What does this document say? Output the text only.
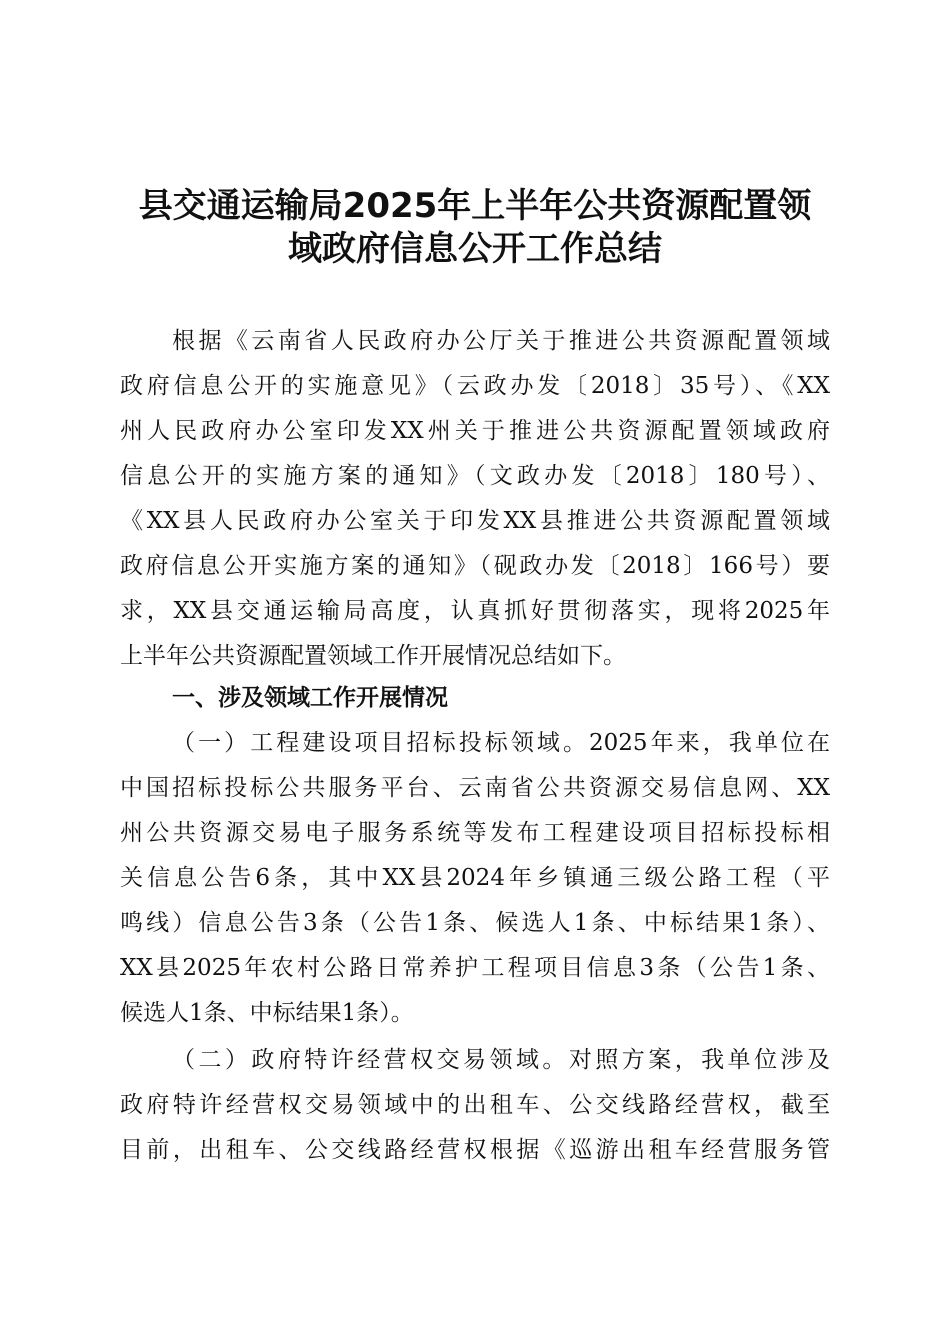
县交通运输局2025年上半年公共资源配置领
域政府信息公开工作总结
根据《云南省人民政府办公厅关于推进公共资源配置领域
政府信息公开的实施意见》（云政办发〔2018〕35号）、《XX
州人民政府办公室印发XX州关于推进公共资源配置领域政府
信息公开的实施方案的通知》（文政办发〔2018〕180号）、
《XX县人民政府办公室关于印发XX县推进公共资源配置领域
政府信息公开实施方案的通知》（砚政办发〔2018〕166号）要
求，XX县交通运输局高度，认真抓好贯彻落实，现将2025年
上半年公共资源配置领域工作开展情况总结如下。
一、涉及领域工作开展情况
（一）工程建设项目招标投标领域。2025年来，我单位在
中国招标投标公共服务平台、云南省公共资源交易信息网、XX
州公共资源交易电子服务系统等发布工程建设项目招标投标相
关信息公告6条，其中XX县2024年乡镇通三级公路工程（平
鸣线）信息公告3条（公告1条、候选人1条、中标结果1条）、
XX县2025年农村公路日常养护工程项目信息3条（公告1条、
候选人1条、中标结果1条）。
（二）政府特许经营权交易领域。对照方案，我单位涉及
政府特许经营权交易领域中的出租车、公交线路经营权，截至
目前，出租车、公交线路经营权根据《巡游出租车经营服务管
